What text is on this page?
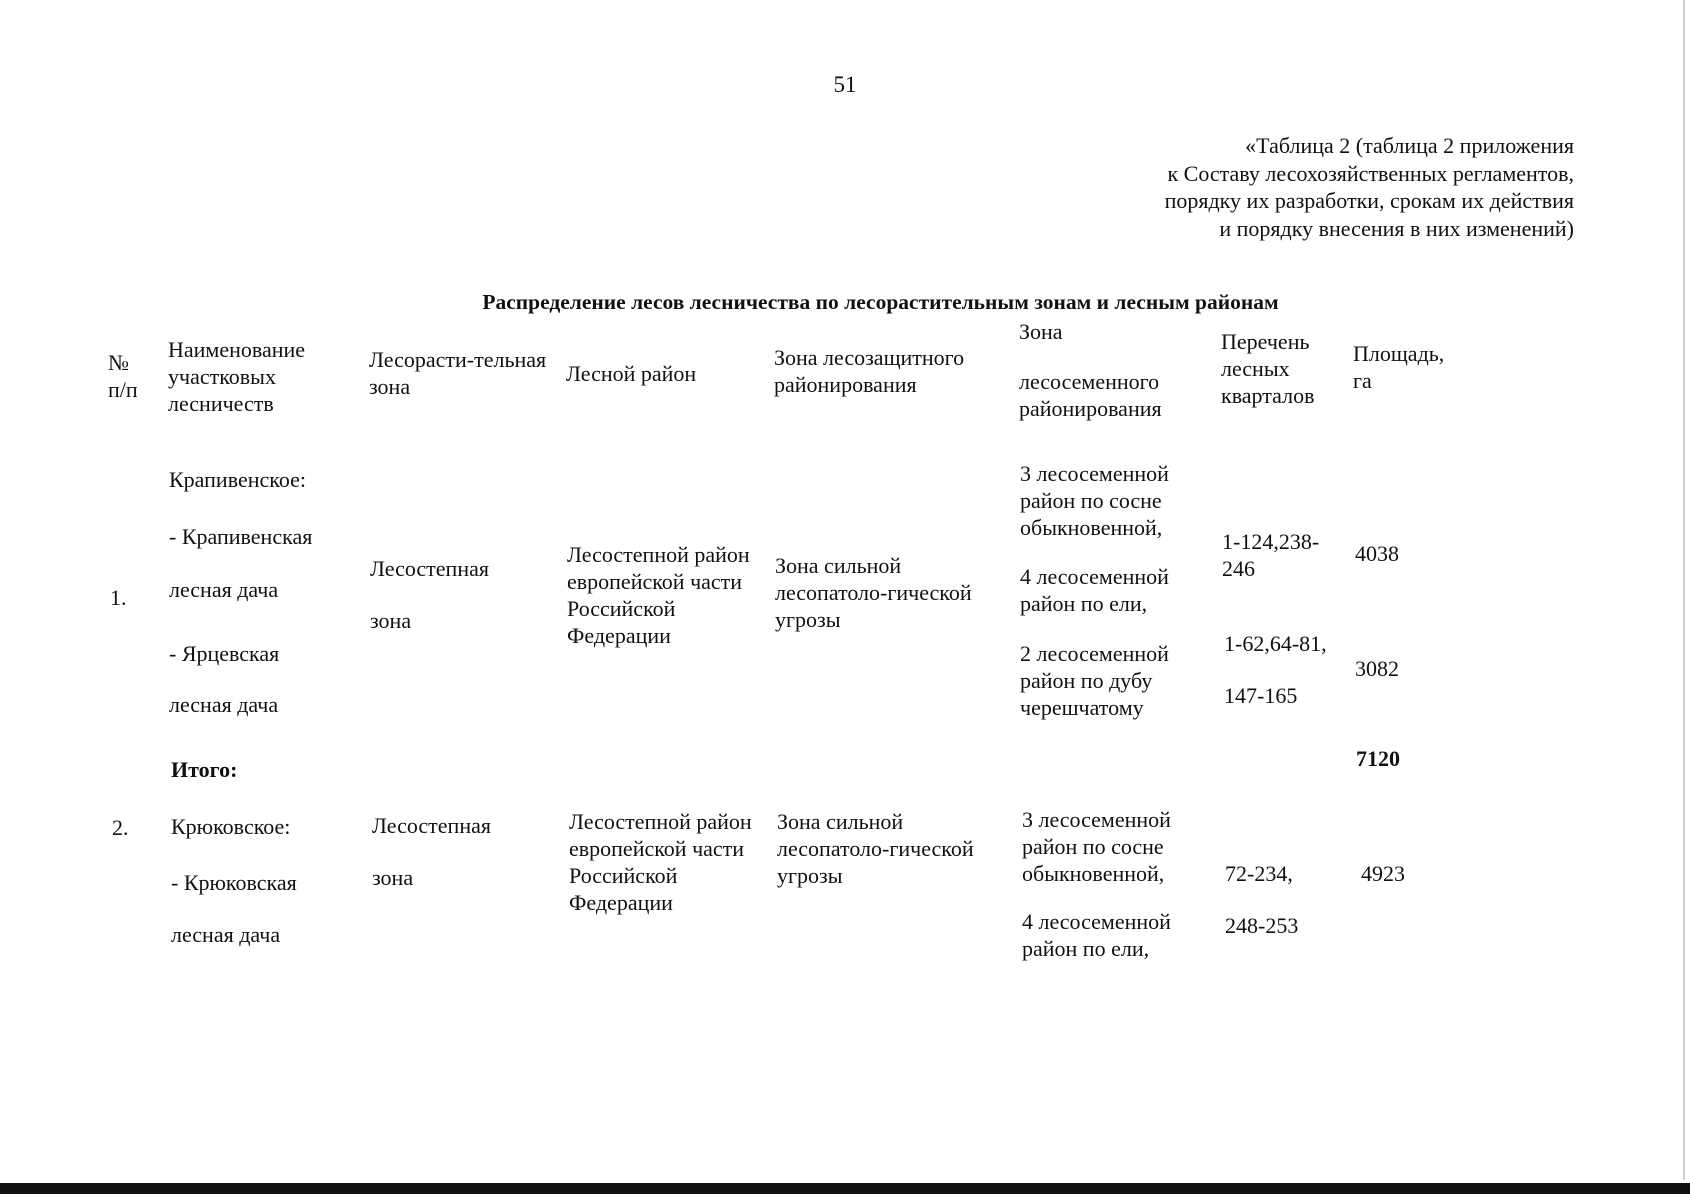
51
«Таблица 2 (таблица 2 приложения
к Составу лесохозяйственных регламентов,
порядку их разработки, срокам их действия
и порядку внесения в них изменений)
Распределение лесов лесничества по лесорастительным зонам и лесным районам
№
п/п
Наименование
участковых
лесничеств
Лесорасти-тельная
зона
Лесной район
Зона лесозащитного
районирования
Зона
лесосеменного
районирования
Перечень
лесных
кварталов
Площадь,
га
1.
Крапивенское:
- Крапивенская
лесная дача
- Ярцевская
лесная дача
Лесостепная
зона
Лесостепной район
европейской части
Российской
Федерации
Зона сильной
лесопатоло-гической
угрозы
3 лесосеменной
район по сосне
обыкновенной,
4 лесосеменной
район по ели,
2 лесосеменной
район по дубу
черешчатому
1-124,238-
246
1-62,64-81,
147-165
4038
3082
Итого:	7120
2. Крюковское:
- Крюковская
лесная дача
Лесостепная
зона
Лесостепной район
европейской части
Российской
Федерации
Зона сильной
лесопатоло-гической
угрозы
3 лесосеменной
район по сосне
обыкновенной,
4 лесосеменной
район по ели,
72-234,
248-253
4923
